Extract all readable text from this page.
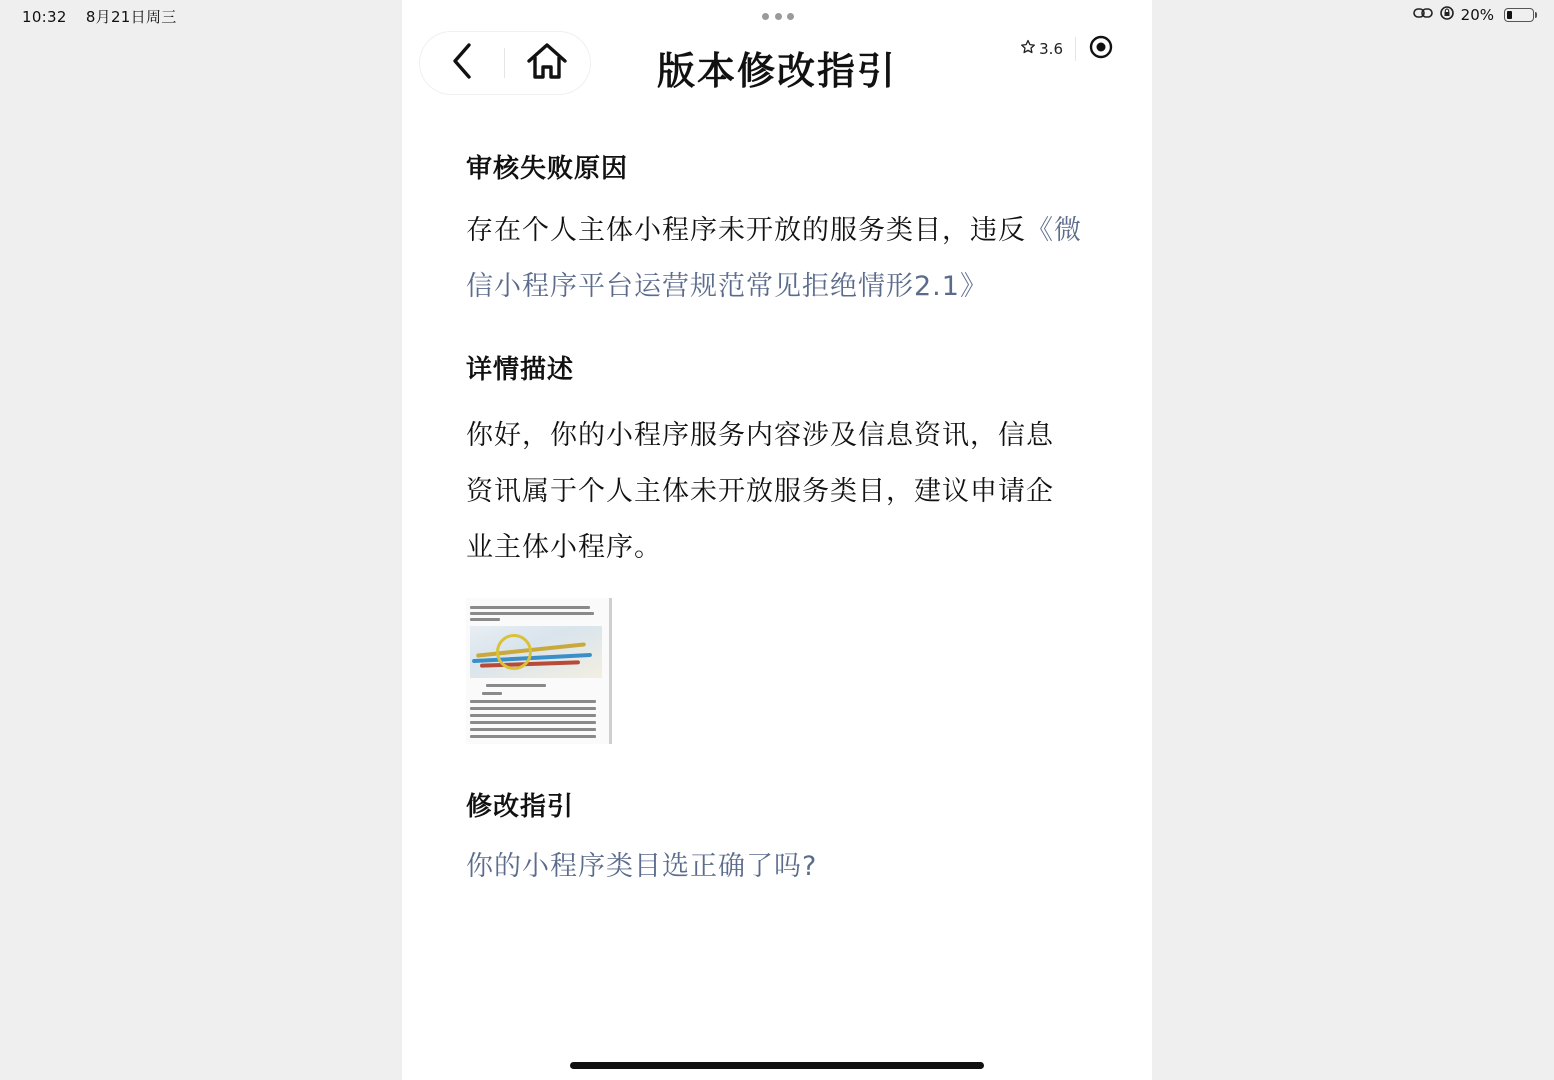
10:32 8月21日周三	20%
版本修改指引	3.6
审核失败原因

存在个人主体小程序未开放的服务类目，违反《微信小程序平台运营规范常见拒绝情形2.1》

详情描述

你好，你的小程序服务内容涉及信息资讯，信息资讯属于个人主体未开放服务类目，建议申请企业主体小程序。

修改指引

你的小程序类目选正确了吗?
